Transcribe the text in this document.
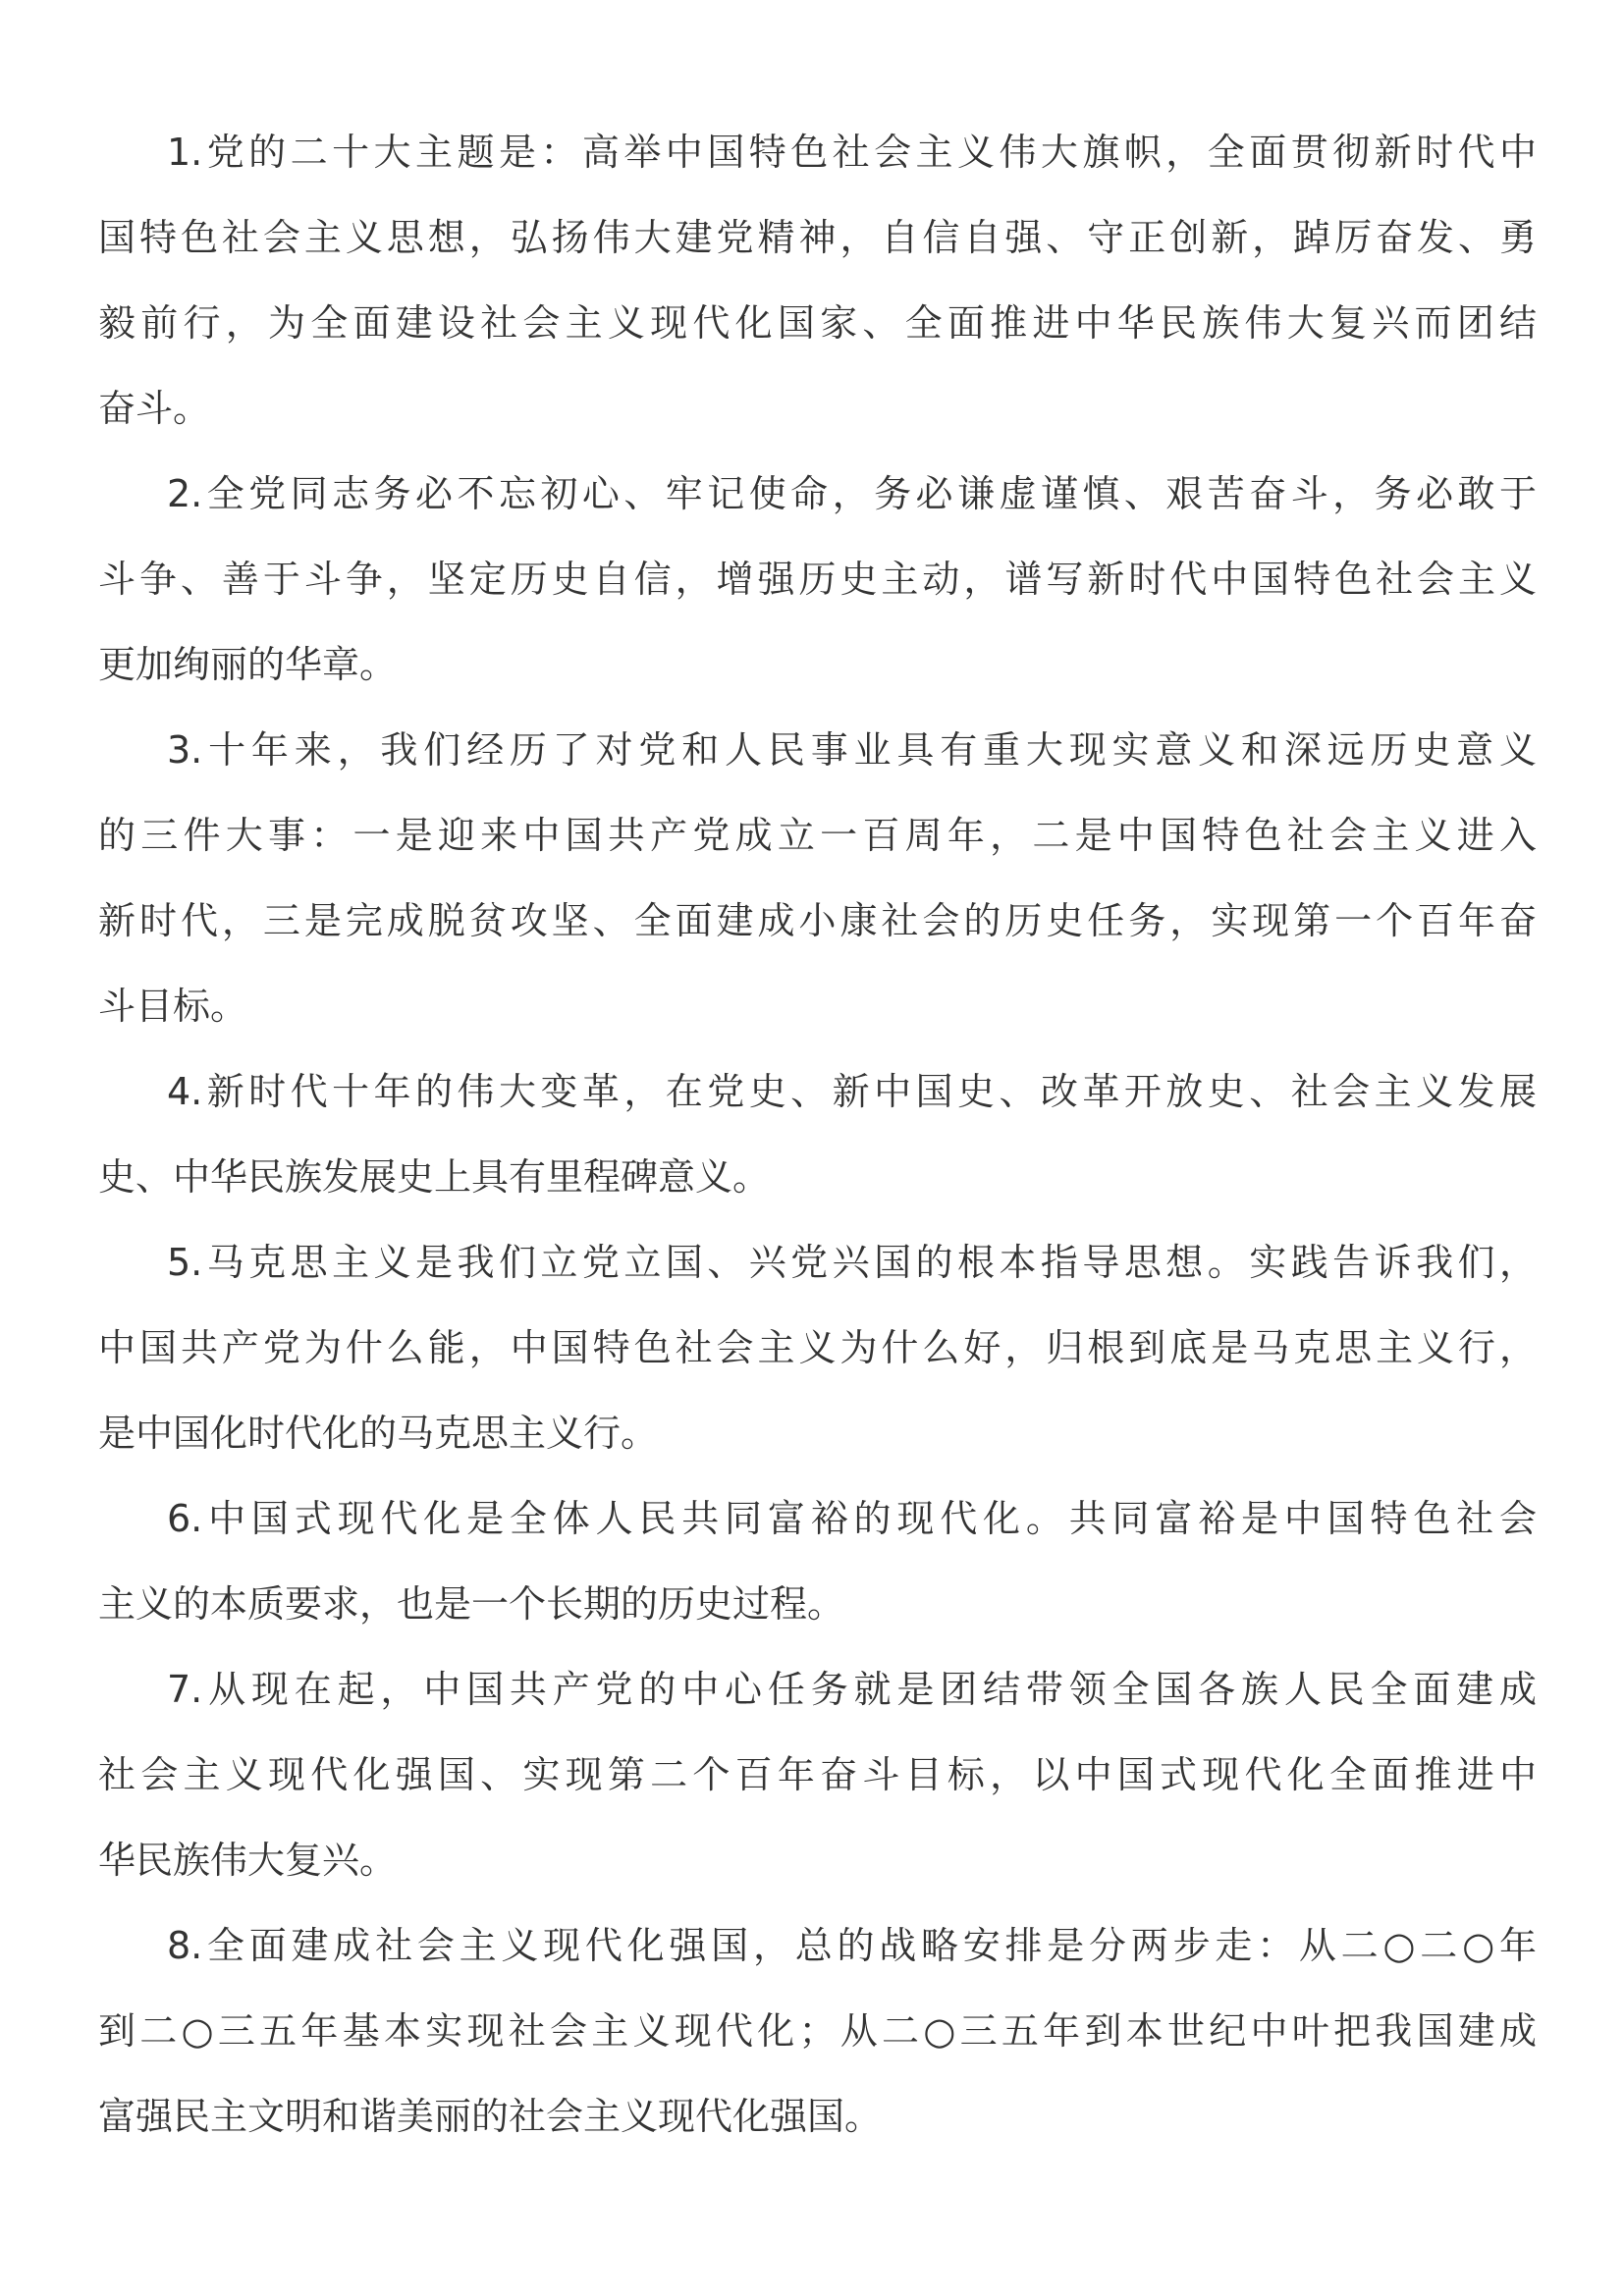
1.党的二十大主题是：高举中国特色社会主义伟大旗帜，全面贯彻新时代中
国特色社会主义思想，弘扬伟大建党精神，自信自强、守正创新，踔厉奋发、勇
毅前行，为全面建设社会主义现代化国家、全面推进中华民族伟大复兴而团结
奋斗。
2.全党同志务必不忘初心、牢记使命，务必谦虚谨慎、艰苦奋斗，务必敢于
斗争、善于斗争，坚定历史自信，增强历史主动，谱写新时代中国特色社会主义
更加绚丽的华章。
3.十年来，我们经历了对党和人民事业具有重大现实意义和深远历史意义
的三件大事：一是迎来中国共产党成立一百周年，二是中国特色社会主义进入
新时代，三是完成脱贫攻坚、全面建成小康社会的历史任务，实现第一个百年奋
斗目标。
4.新时代十年的伟大变革，在党史、新中国史、改革开放史、社会主义发展
史、中华民族发展史上具有里程碑意义。
5.马克思主义是我们立党立国、兴党兴国的根本指导思想。实践告诉我们，
中国共产党为什么能，中国特色社会主义为什么好，归根到底是马克思主义行，
是中国化时代化的马克思主义行。
6.中国式现代化是全体人民共同富裕的现代化。共同富裕是中国特色社会
主义的本质要求，也是一个长期的历史过程。
7.从现在起，中国共产党的中心任务就是团结带领全国各族人民全面建成
社会主义现代化强国、实现第二个百年奋斗目标，以中国式现代化全面推进中
华民族伟大复兴。
8.全面建成社会主义现代化强国，总的战略安排是分两步走：从二○二○年
到二○三五年基本实现社会主义现代化；从二○三五年到本世纪中叶把我国建成
富强民主文明和谐美丽的社会主义现代化强国。
